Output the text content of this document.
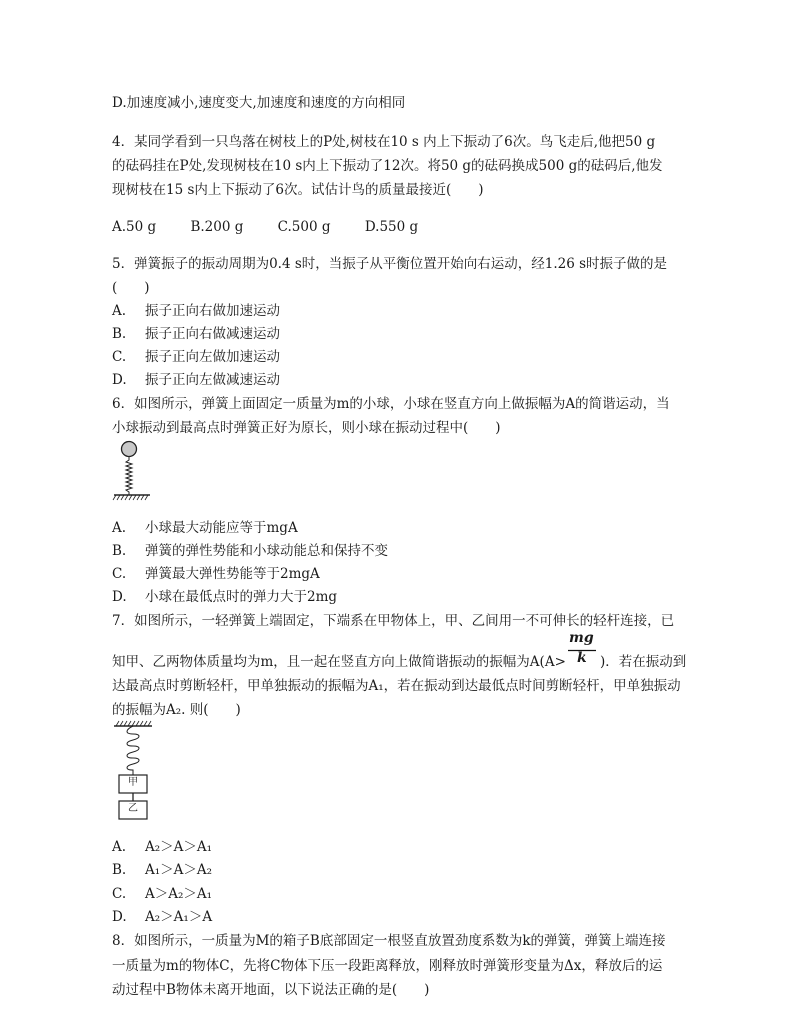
D.加速度减小,速度变大,加速度和速度的方向相同
4．某同学看到一只鸟落在树枝上的P处,树枝在10 s 内上下振动了6次。鸟飞走后,他把50 g
的砝码挂在P处,发现树枝在10 s内上下振动了12次。将50 g的砝码换成500 g的砝码后,他发
现树枝在15 s内上下振动了6次。试估计鸟的质量最接近(　　)
A.50 g	B.200 g	C.500 g	D.550 g
5．弹簧振子的振动周期为0.4 s时，当振子从平衡位置开始向右运动，经1.26 s时振子做的是
(　　)
A. 振子正向右做加速运动
B. 振子正向右做减速运动
C. 振子正向左做加速运动
D. 振子正向左做减速运动
6．如图所示，弹簧上面固定一质量为m的小球，小球在竖直方向上做振幅为A的简谐运动，当
小球振动到最高点时弹簧正好为原长，则小球在振动过程中(　　)
A. 小球最大动能应等于mgA
B. 弹簧的弹性势能和小球动能总和保持不变
C. 弹簧最大弹性势能等于2mgA
D. 小球在最低点时的弹力大于2mg
7．如图所示，一轻弹簧上端固定，下端系在甲物体上，甲、乙间用一不可伸长的轻杆连接，已
知甲、乙两物体质量均为m，且一起在竖直方向上做简谐振动的振幅为A(A>
mg
k )．若在振动到
达最高点时剪断轻杆，甲单独振动的振幅为A₁，若在振动到达最低点时间剪断轻杆，甲单独振动
的振幅为A₂. 则(　　)
甲
乙
A. A₂＞A＞A₁
B. A₁＞A＞A₂
C. A＞A₂＞A₁
D. A₂＞A₁＞A
8．如图所示，一质量为M的箱子B底部固定一根竖直放置劲度系数为k的弹簧，弹簧上端连接
一质量为m的物体C，先将C物体下压一段距离释放，刚释放时弹簧形变量为Δx，释放后的运
动过程中B物体未离开地面，以下说法正确的是(　　)
